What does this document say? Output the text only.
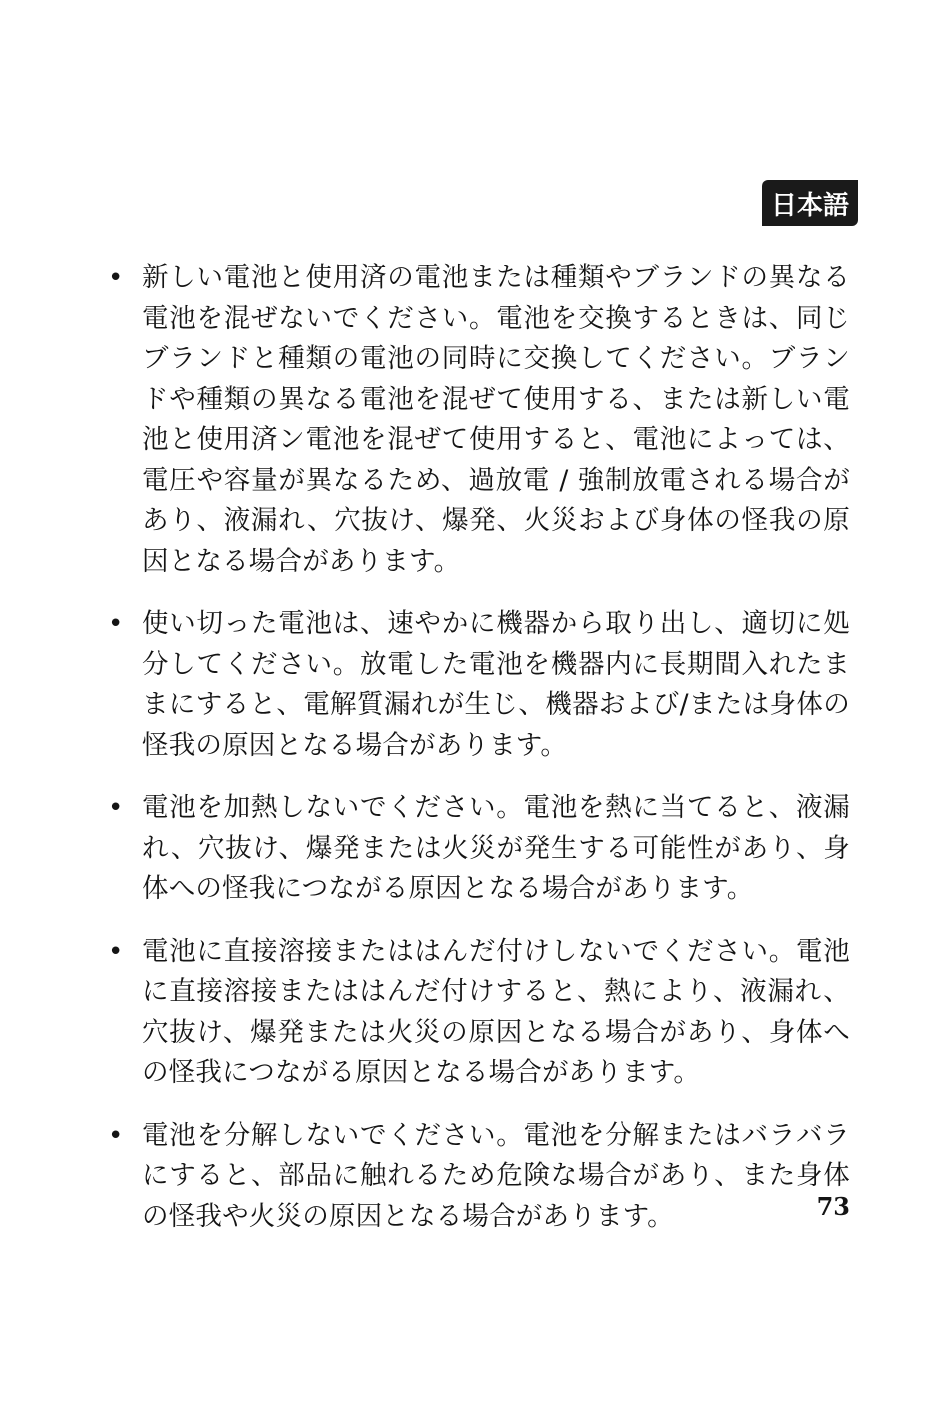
日本語
• 新しい電池と使用済の電池または種類やブランドの異なる電池を混ぜないでください。電池を交換するときは、同じブランドと種類の電池の同時に交換してください。ブランドや種類の異なる電池を混ぜて使用する、または新しい電池と使用済ン電池を混ぜて使用すると、電池によっては、電圧や容量が異なるため、過放電 / 強制放電される場合があり、液漏れ、穴抜け、爆発、火災および身体の怪我の原因となる場合があります。
• 使い切った電池は、速やかに機器から取り出し、適切に処分してください。放電した電池を機器内に長期間入れたままにすると、電解質漏れが生じ、機器および/または身体の怪我の原因となる場合があります。
• 電池を加熱しないでください。電池を熱に当てると、液漏れ、穴抜け、爆発または火災が発生する可能性があり、身体への怪我につながる原因となる場合があります。
• 電池に直接溶接またははんだ付けしないでください。電池に直接溶接またははんだ付けすると、熱により、液漏れ、穴抜け、爆発または火災の原因となる場合があり、身体への怪我につながる原因となる場合があります。
• 電池を分解しないでください。電池を分解またはバラバラにすると、部品に触れるため危険な場合があり、また身体の怪我や火災の原因となる場合があります。	73
